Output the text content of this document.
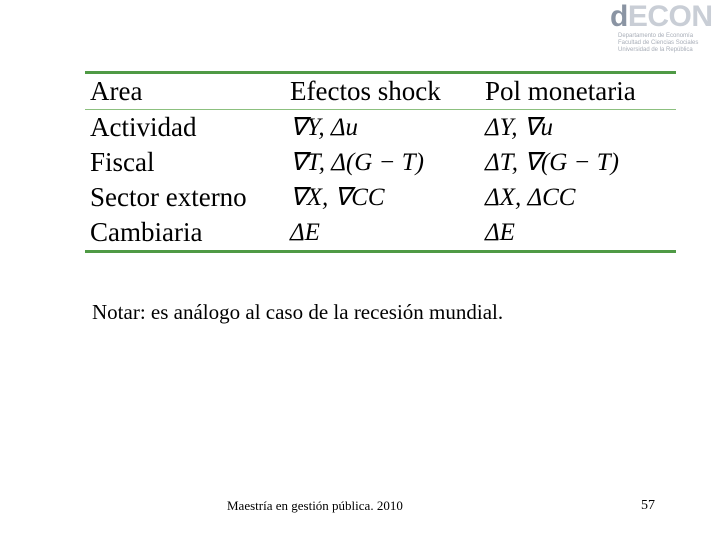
dECON
Departamento de Economía
Facultad de Ciencias Sociales
Universidad de la República
Area	Efectos shock	Pol monetaria
Actividad	∇Y, Δu	ΔY, ∇u
Fiscal	∇T, Δ(G − T)	ΔT, ∇(G − T)
Sector externo	∇X, ∇CC	ΔX, ΔCC
Cambiaria	ΔE	ΔE
Notar: es análogo al caso de la recesión mundial.
Maestría en gestión pública. 2010	57
